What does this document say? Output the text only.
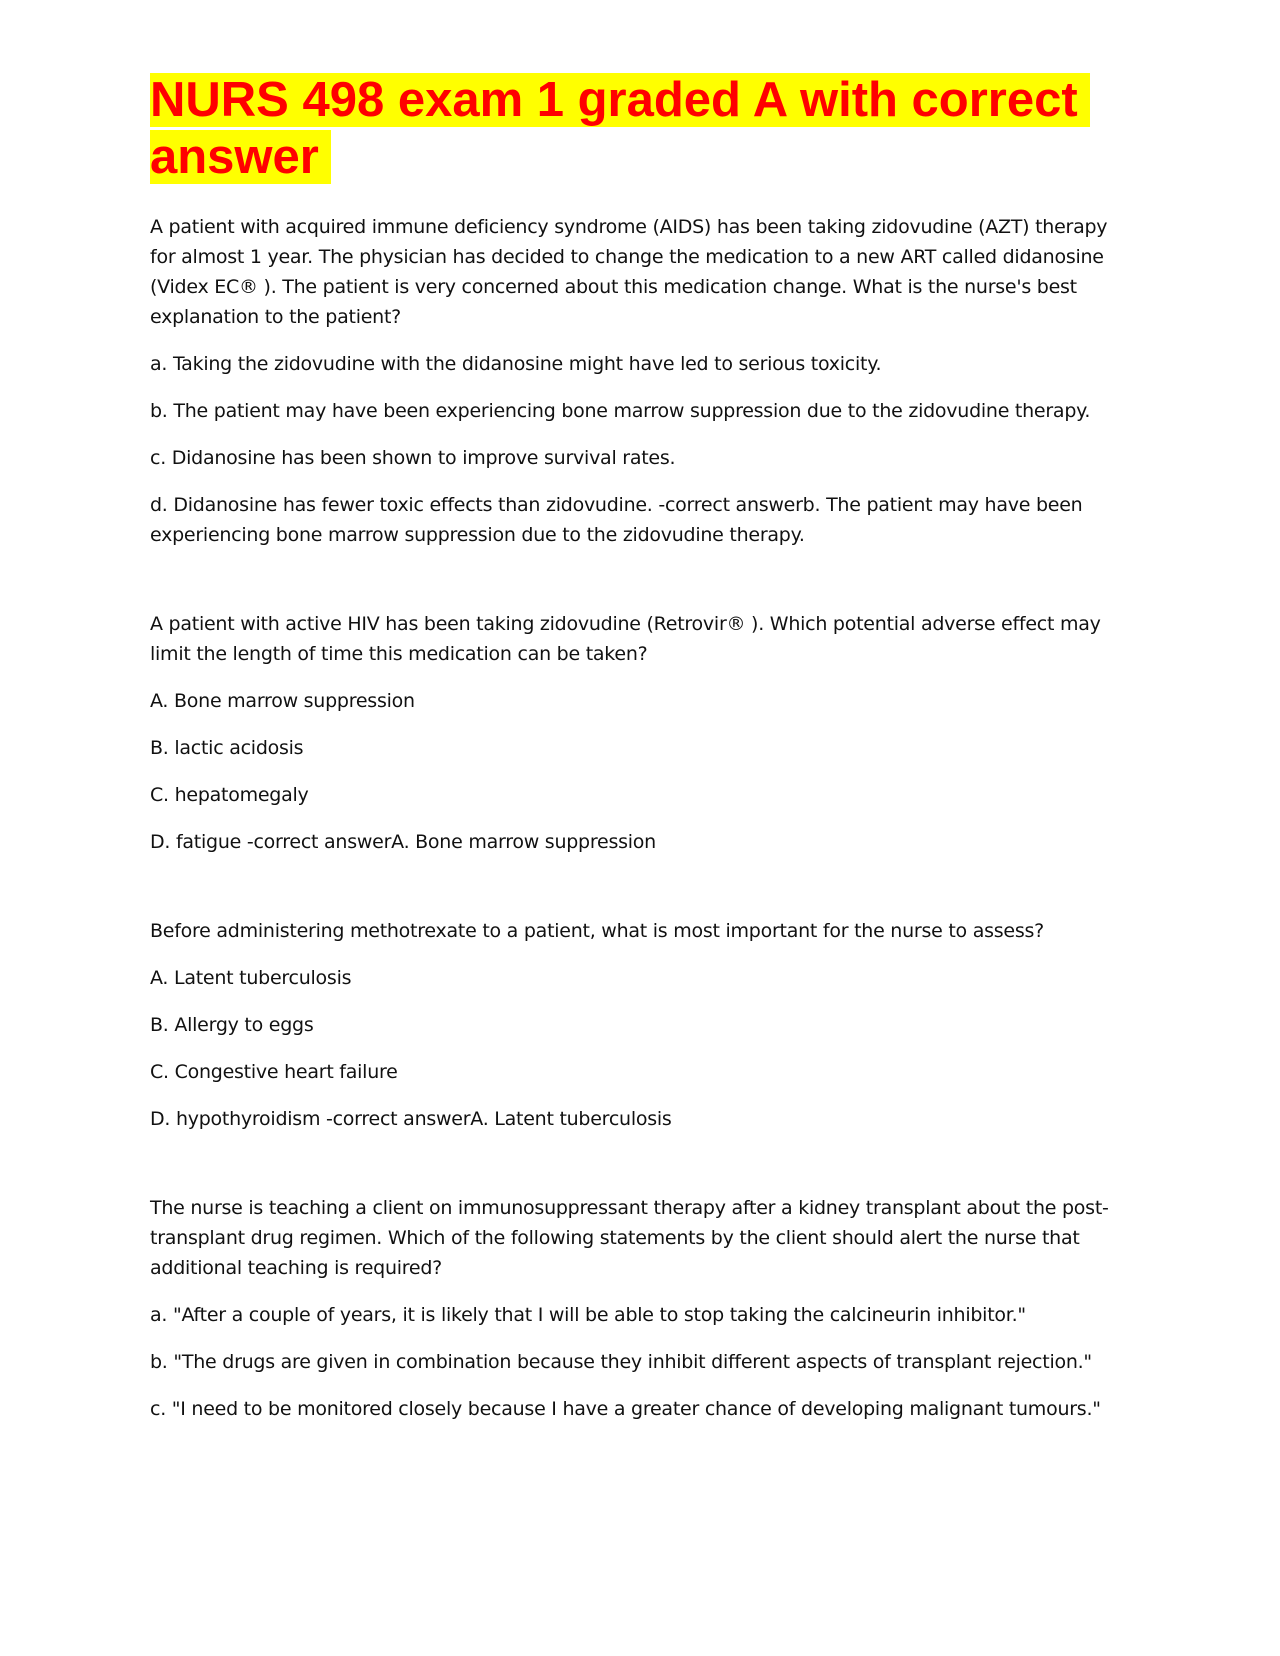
NURS 498 exam 1 graded A with correct answer

A patient with acquired immune deficiency syndrome (AIDS) has been taking zidovudine (AZT) therapy for almost 1 year. The physician has decided to change the medication to a new ART called didanosine (Videx EC® ). The patient is very concerned about this medication change. What is the nurse's best explanation to the patient?

a. Taking the zidovudine with the didanosine might have led to serious toxicity.

b. The patient may have been experiencing bone marrow suppression due to the zidovudine therapy.

c. Didanosine has been shown to improve survival rates.

d. Didanosine has fewer toxic effects than zidovudine. -correct answerb. The patient may have been experiencing bone marrow suppression due to the zidovudine therapy.

A patient with active HIV has been taking zidovudine (Retrovir® ). Which potential adverse effect may limit the length of time this medication can be taken?

A. Bone marrow suppression

B. lactic acidosis

C. hepatomegaly

D. fatigue -correct answerA. Bone marrow suppression

Before administering methotrexate to a patient, what is most important for the nurse to assess?

A. Latent tuberculosis

B. Allergy to eggs

C. Congestive heart failure

D. hypothyroidism -correct answerA. Latent tuberculosis

The nurse is teaching a client on immunosuppressant therapy after a kidney transplant about the post-transplant drug regimen. Which of the following statements by the client should alert the nurse that additional teaching is required?

a. "After a couple of years, it is likely that I will be able to stop taking the calcineurin inhibitor."

b. "The drugs are given in combination because they inhibit different aspects of transplant rejection."

c. "I need to be monitored closely because I have a greater chance of developing malignant tumours."
